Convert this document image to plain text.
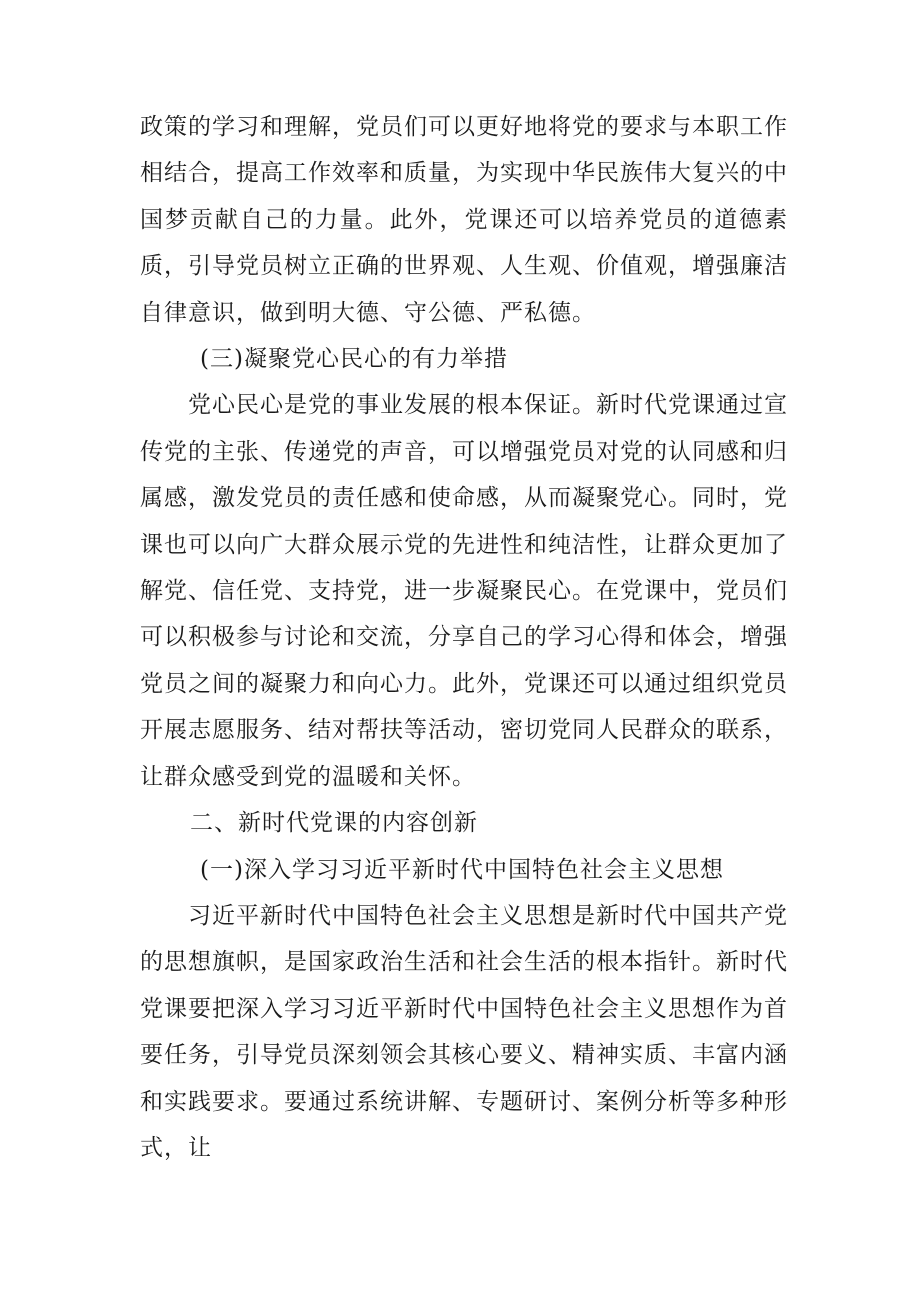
政策的学习和理解，党员们可以更好地将党的要求与本职工作相结合，提高工作效率和质量，为实现中华民族伟大复兴的中国梦贡献自己的力量。此外，党课还可以培养党员的道德素质，引导党员树立正确的世界观、人生观、价值观，增强廉洁自律意识，做到明大德、守公德、严私德。

(三)凝聚党心民心的有力举措

党心民心是党的事业发展的根本保证。新时代党课通过宣传党的主张、传递党的声音，可以增强党员对党的认同感和归属感，激发党员的责任感和使命感，从而凝聚党心。同时，党课也可以向广大群众展示党的先进性和纯洁性，让群众更加了解党、信任党、支持党，进一步凝聚民心。在党课中，党员们可以积极参与讨论和交流，分享自己的学习心得和体会，增强党员之间的凝聚力和向心力。此外，党课还可以通过组织党员开展志愿服务、结对帮扶等活动，密切党同人民群众的联系，让群众感受到党的温暖和关怀。

二、新时代党课的内容创新

(一)深入学习习近平新时代中国特色社会主义思想

习近平新时代中国特色社会主义思想是新时代中国共产党的思想旗帜，是国家政治生活和社会生活的根本指针。新时代党课要把深入学习习近平新时代中国特色社会主义思想作为首要任务，引导党员深刻领会其核心要义、精神实质、丰富内涵和实践要求。要通过系统讲解、专题研讨、案例分析等多种形式，让
